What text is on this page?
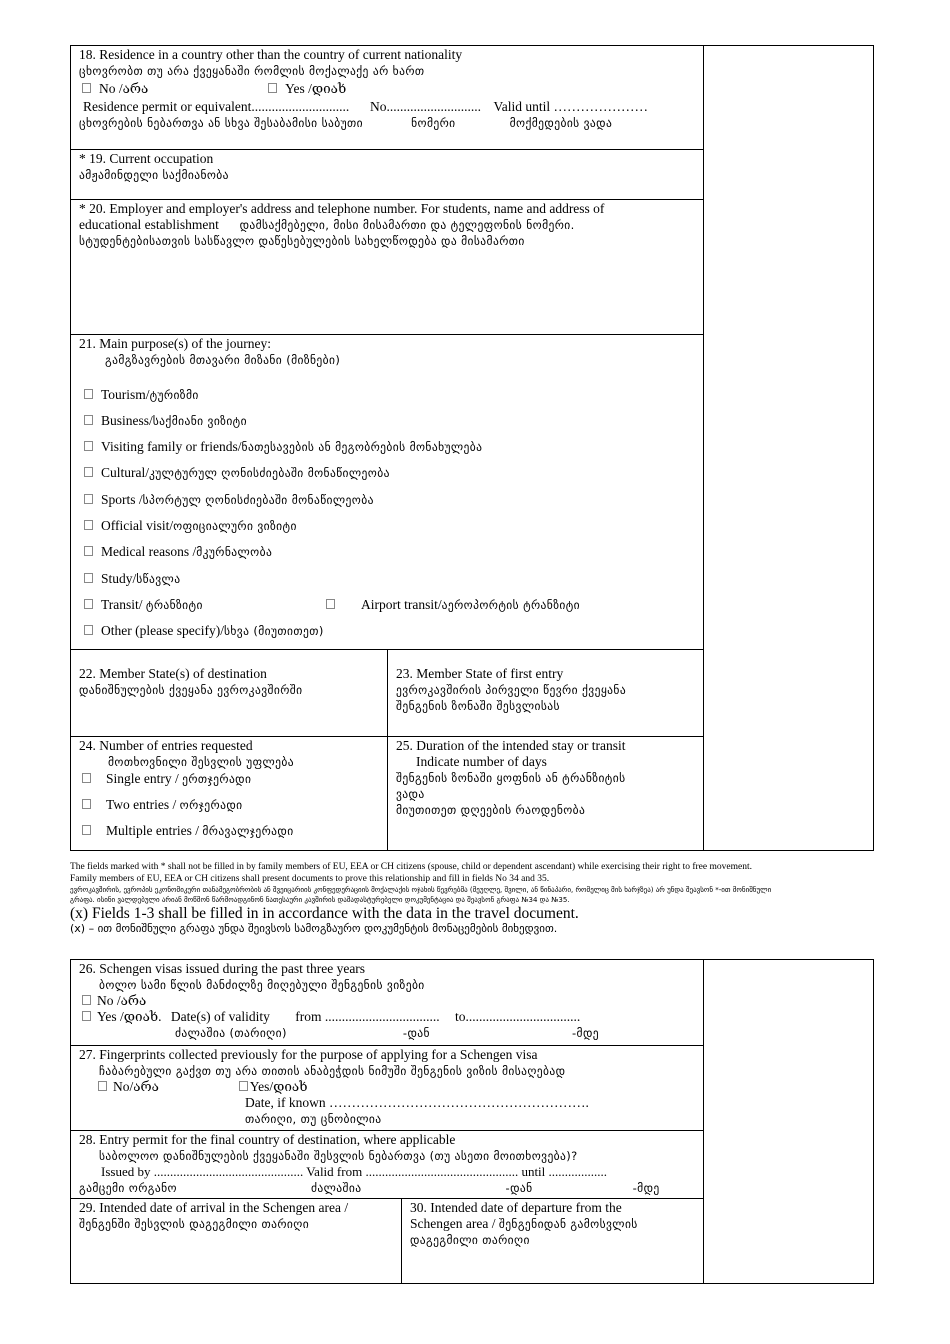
18. Residence in a country other than the country of current nationality
ცხოვრობთ თუ არა ქვეყანაში რომლის მოქალაქე არ ხართ
No /არა	Yes /დიახ
Residence permit or equivalent............................. No............................ Valid until …………………
ცხოვრების ნებართვა ან სხვა შესაბამისი საბუთი	ნომერი	მოქმედების ვადა
* 19. Current occupation
ამჟამინდელი საქმიანობა
* 20. Employer and employer's address and telephone number. For students, name and address of
educational establishment დამსაქმებელი, მისი მისამართი და ტელეფონის ნომერი.
სტუდენტებისათვის სასწავლო დაწესებულების სახელწოდება და მისამართი
21. Main purpose(s) of the journey:
გამგზავრების მთავარი მიზანი (მიზნები)
Tourism/ტურიზმი
Business/საქმიანი ვიზიტი
Visiting family or friends/ნათესავების ან მეგობრების მონახულება
Cultural/კულტურულ ღონისძიებაში მონაწილეობა
Sports /სპორტულ ღონისძიებაში მონაწილეობა
Official visit/ოფიციალური ვიზიტი
Medical reasons /მკურნალობა
Study/სწავლა
Transit/ ტრანზიტი	Airport transit/აეროპორტის ტრანზიტი
Other (please specify)/სხვა (მიუთითეთ)
22. Member State(s) of destination
დანიშნულების ქვეყანა ევროკავშირში
23. Member State of first entry
ევროკავშირის პირველი წევრი ქვეყანა
შენგენის ზონაში შესვლისას
24. Number of entries requested
მოთხოვნილი შესვლის უფლება
Single entry / ერთჯერადი
Two entries / ორჯერადი
Multiple entries / მრავალჯერადი
25. Duration of the intended stay or transit
Indicate number of days
შენგენის ზონაში ყოფნის ან ტრანზიტის
ვადა
მიუთითეთ დღეების რაოდენობა
The fields marked with * shall not be filled in by family members of EU, EEA or CH citizens (spouse, child or dependent ascendant) while exercising their right to free movement.
Family members of EU, EEA or CH citizens shall present documents to prove this relationship and fill in fields No 34 and 35.
ევროკავშირის, ევროპის ეკონომიკური თანამეგობრობის ან შვეიცარიის კონფედერაციის მოქალაქის ოჯახის წევრებმა (მეუღლე, შვილი, ან წინაპარი, რომელიც მის ხარჯზეა) არ უნდა შეავსონ *-ით მონიშნული
გრაფა. ისინი ვალდებული არიან მოწმონ წარმოადგინონ ნათესაური კავშირის დამადასტურებელი დოკუმენტაცია და შეავსონ გრაფა №34 და №35.
(x) Fields 1-3 shall be filled in in accordance with the data in the travel document.
(x) – ით მონიშნული გრაფა უნდა შეივსოს სამოგზაურო დოკუმენტის მონაცემების მიხედვით.
26. Schengen visas issued during the past three years
ბოლო სამი წლის მანძილზე მიღებული შენგენის ვიზები
No /არა
Yes /დიახ. Date(s) of validity from .................................. to..................................
ძალაშია (თარიღი)	-დან	-მდე
27. Fingerprints collected previously for the purpose of applying for a Schengen visa
ჩაბარებული გაქვთ თუ არა თითის ანაბეჭდის ნიმუში შენგენის ვიზის მისაღებად
No/არა	Yes/დიახ
Date, if known ………………………………………………….
თარიღი, თუ ცნობილია
28. Entry permit for the final country of destination, where applicable
საბოლოო დანიშნულების ქვეყანაში შესვლის ნებართვა (თუ ასეთი მოითხოვება)?
Issued by .............................................. Valid from ............................................... until ..................
გამცემი ორგანო	ძალაშია	-დან	-მდე
29. Intended date of arrival in the Schengen area /
შენგენში შესვლის დაგეგმილი თარიღი
30. Intended date of departure from the
Schengen area / შენგენიდან გამოსვლის
დაგეგმილი თარიღი
